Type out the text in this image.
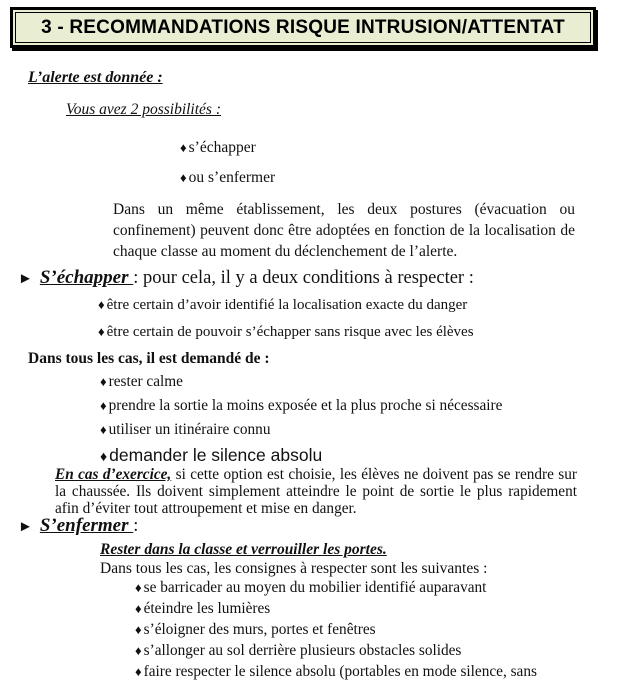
3 - RECOMMANDATIONS RISQUE INTRUSION/ATTENTAT
L’alerte est donnée :
Vous avez 2 possibilités :
♦ s’échapper
♦ ou s’enfermer
Dans un même établissement, les deux postures (évacuation ou confinement) peuvent donc être adoptées en fonction de la localisation de chaque classe au moment du déclenchement de l’alerte.
► S’échapper : pour cela, il y a deux conditions à respecter :
♦ être certain d’avoir identifié la localisation exacte du danger
♦ être certain de pouvoir s’échapper sans risque avec les élèves
Dans tous les cas, il est demandé de :
♦ rester calme
♦ prendre la sortie la moins exposée et la plus proche si nécessaire
♦ utiliser un itinéraire connu
♦ demander le silence absolu
En cas d’exercice, si cette option est choisie, les élèves ne doivent pas se rendre sur la chaussée. Ils doivent simplement atteindre le point de sortie le plus rapidement afin d’éviter tout attroupement et mise en danger.
► S’enfermer :
Rester dans la classe et verrouiller les portes.
Dans tous les cas, les consignes à respecter sont les suivantes :
♦ se barricader au moyen du mobilier identifié auparavant
♦ éteindre les lumières
♦ s’éloigner des murs, portes et fenêtres
♦ s’allonger au sol derrière plusieurs obstacles solides
♦ faire respecter le silence absolu (portables en mode silence, sans
